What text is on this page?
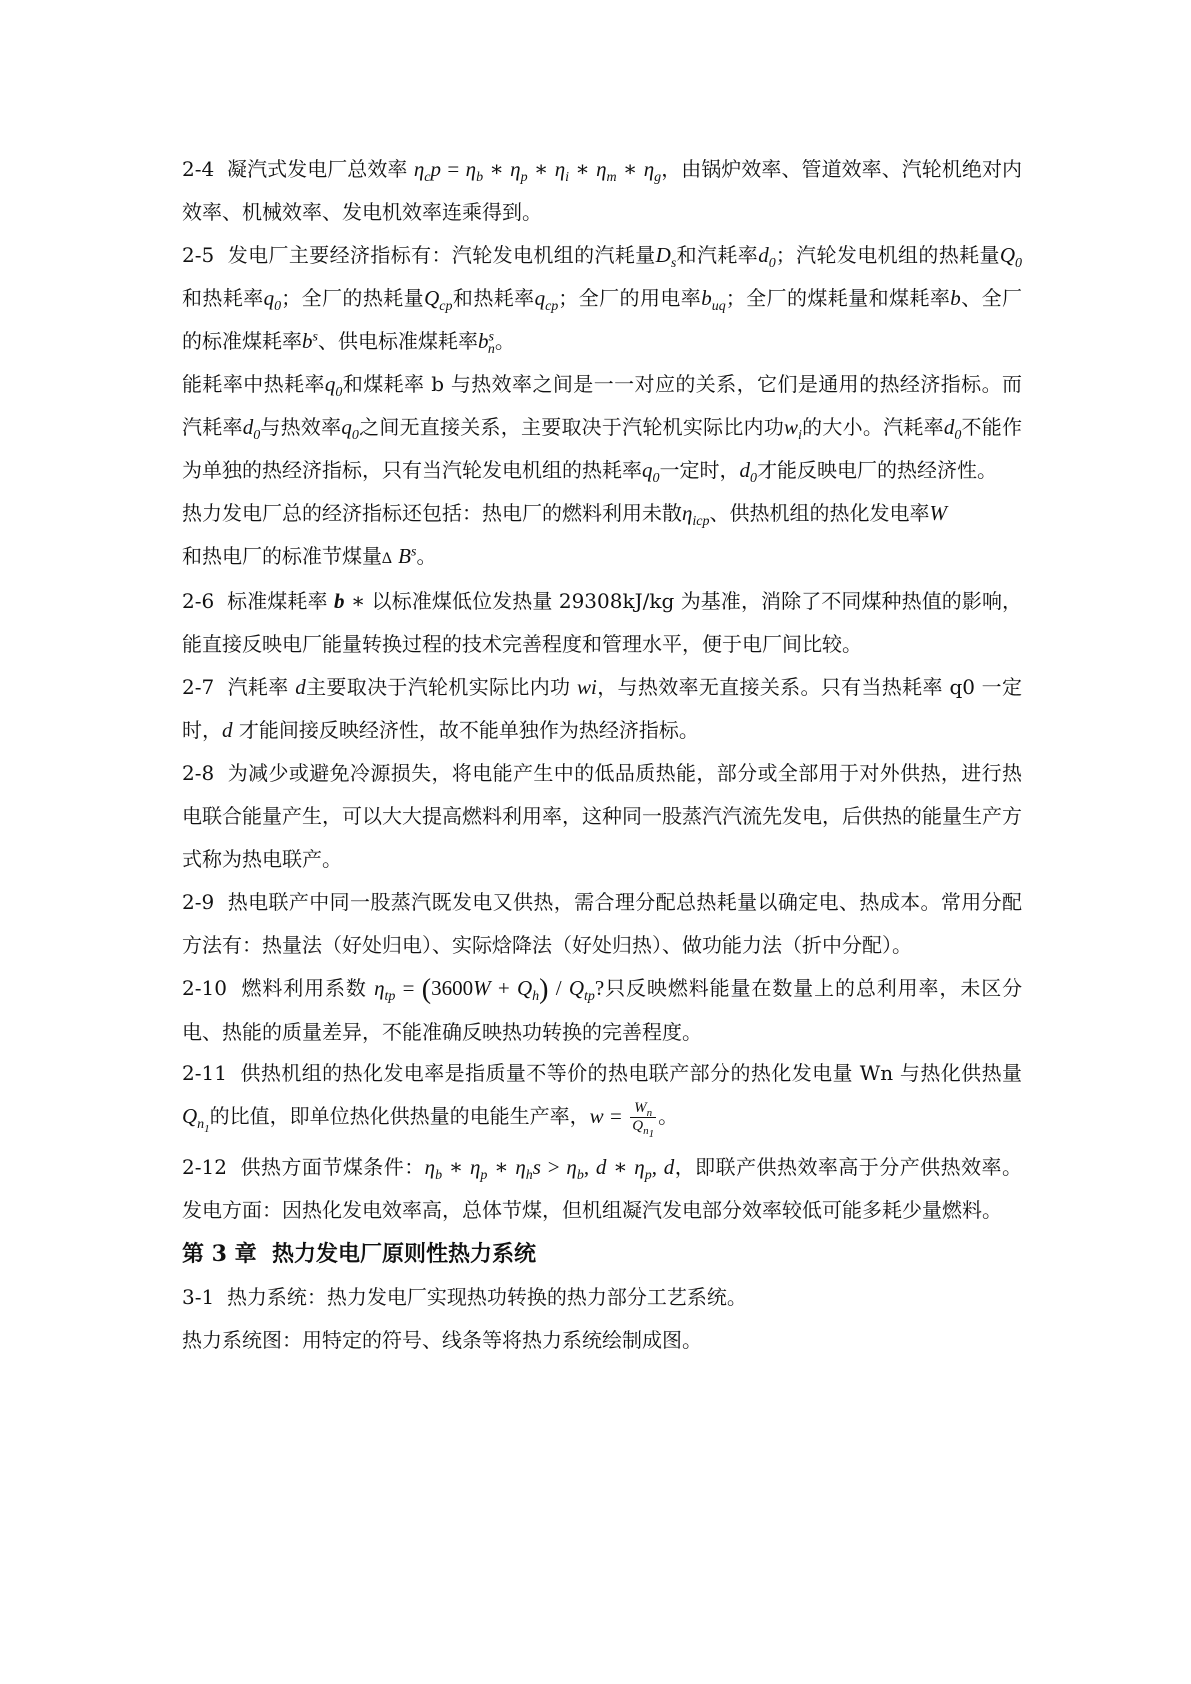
2-4 凝汽式发电厂总效率 $\eta_cp = \eta_b$ ∗ $\eta_p$ ∗ $\eta_i$ ∗ $\eta_m$ ∗ $\eta_g$，由锅炉效率、管道效率、汽轮机绝对内效率、机械效率、发电机效率连乘得到。

2-5 发电厂主要经济指标有：汽轮发电机组的汽耗量$D_s$和汽耗率$d_0$；汽轮发电机组的热耗量$Q_0$和热耗率$q_0$；全厂的热耗量$Q_{cp}$和热耗率$q_{cp}$；全厂的用电率$b_{uq}$；全厂的煤耗量和煤耗率b、全厂的标准煤耗率$b^s$、供电标准煤耗率$b^s_n$。

能耗率中热耗率$q_0$和煤耗率 b 与热效率之间是一一对应的关系，它们是通用的热经济指标。而汽耗率$d_0$与热效率$q_0$之间无直接关系，主要取决于汽轮机实际比内功$w_i$的大小。汽耗率$d_0$不能作为单独的热经济指标，只有当汽轮发电机组的热耗率$q_0$一定时，$d_0$才能反映电厂的热经济性。

热力发电厂总的经济指标还包括：热电厂的燃料利用未散$\eta_{icp}$、供热机组的热化发电率W
和热电厂的标准节煤量∆ $B^s$。

2-6 标准煤耗率 b ∗ 以标准煤低位发热量 29308kJ/kg 为基准，消除了不同煤种热值的影响，能直接反映电厂能量转换过程的技术完善程度和管理水平，便于电厂间比较。

2-7 汽耗率 d主要取决于汽轮机实际比内功 wi，与热效率无直接关系。只有当热耗率 q0 一定时，d 才能间接反映经济性，故不能单独作为热经济指标。

2-8 为减少或避免冷源损失，将电能产生中的低品质热能，部分或全部用于对外供热，进行热电联合能量产生，可以大大提高燃料利用率，这种同一股蒸汽汽流先发电，后供热的能量生产方式称为热电联产。

2-9 热电联产中同一股蒸汽既发电又供热，需合理分配总热耗量以确定电、热成本。常用分配方法有：热量法（好处归电）、实际焓降法（好处归热）、做功能力法（折中分配）。

2-10 燃料利用系数 $\eta_{tp} = (3600W + Q_h) / Q_{tp}$?只反映燃料能量在数量上的总利用率，未区分电、热能的质量差异，不能准确反映热功转换的完善程度。

2-11 供热机组的热化发电率是指质量不等价的热电联产部分的热化发电量 Wn 与热化供热量$Q_{n_1}$的比值，即单位热化供热量的电能生产率，$w = \frac{W_n}{Q_{n_1}}$ 。

2-12 供热方面节煤条件：$\eta_b$ ∗ $\eta_p$ ∗ $\eta_hs > \eta_b$, d ∗ $\eta_p$, d，即联产供热效率高于分产供热效率。发电方面：因热化发电效率高，总体节煤，但机组凝汽发电部分效率较低可能多耗少量燃料。

第 3 章 热力发电厂原则性热力系统

3-1 热力系统：热力发电厂实现热功转换的热力部分工艺系统。

热力系统图：用特定的符号、线条等将热力系统绘制成图。
